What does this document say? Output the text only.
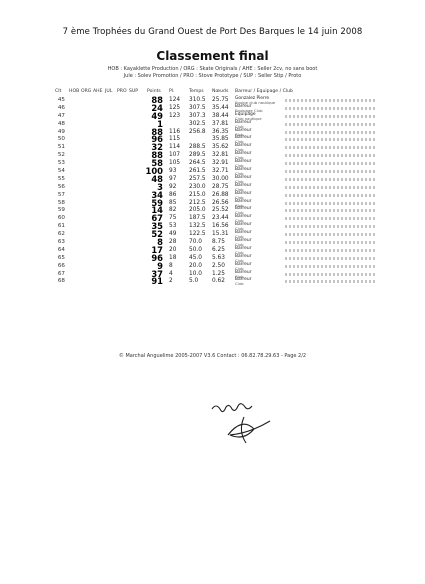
7 ème Trophées du Grand Ouest de Port Des Barques le 14 juin 2008
Classement final
HOB : Kayaklette Production / ORG : Skate Originals / AHE : Seller 2cv, no sans boot
Jule : Solev Promotion / PRO : Stove Prototype / SUP : Seller Stip / Proto
Clt HOB ORG AHE JUL PRO SUP Points Pl.	Temps Nœuds Barreur / Equipage / Club
45	88 124 310.5 25.75 Gonzalez Pierre
Equipe club nautique
46	24 125 307.5 35.44 Barreur
Equipage Club
47	49 123 307.3 38.44 Equipage
Club nautique
48	1	302.5 37.81 Barreur
Club
49	88 116 256.8 36.35 Barreur
Club
50	96 115	35.85 Barreur
Club
51	32 114 288.5 35.62 Barreur
Club
52	88 107 289.5 32.81 Barreur
Club
53	58 105 264.5 32.91 Barreur
Club
54	100 93 261.5 32.71 Barreur
Club
55	48 97 257.5 30.00 Barreur
Club
56	3 92 230.0 28.75 Barreur
Club
57	34 86 215.0 26.88 Barreur
Club
58	59 85 212.5 26.56 Barreur
Club
59	14 82 205.0 25.52 Barreur
Club
60	67 75 187.5 23.44 Barreur
Club
61	35 53 132.5 16.56 Barreur
Club
62	52 49 122.5 15.31 Barreur
Club
63	8 28 70.0 8.75 Barreur
Club
64	17 20 50.0 6.25 Barreur
Club
65	96 18 45.0 5.63 Barreur
Club
66	9 8	20.0 2.50 Barreur
Club
67	37 4	10.0 1.25 Barreur
Club
68	91 2	5.0 0.62 Barreur
Club
© Marchal Anguelime 2005-2007 V3.6 Contact : 06.82.78.29.63 - Page 2/2
